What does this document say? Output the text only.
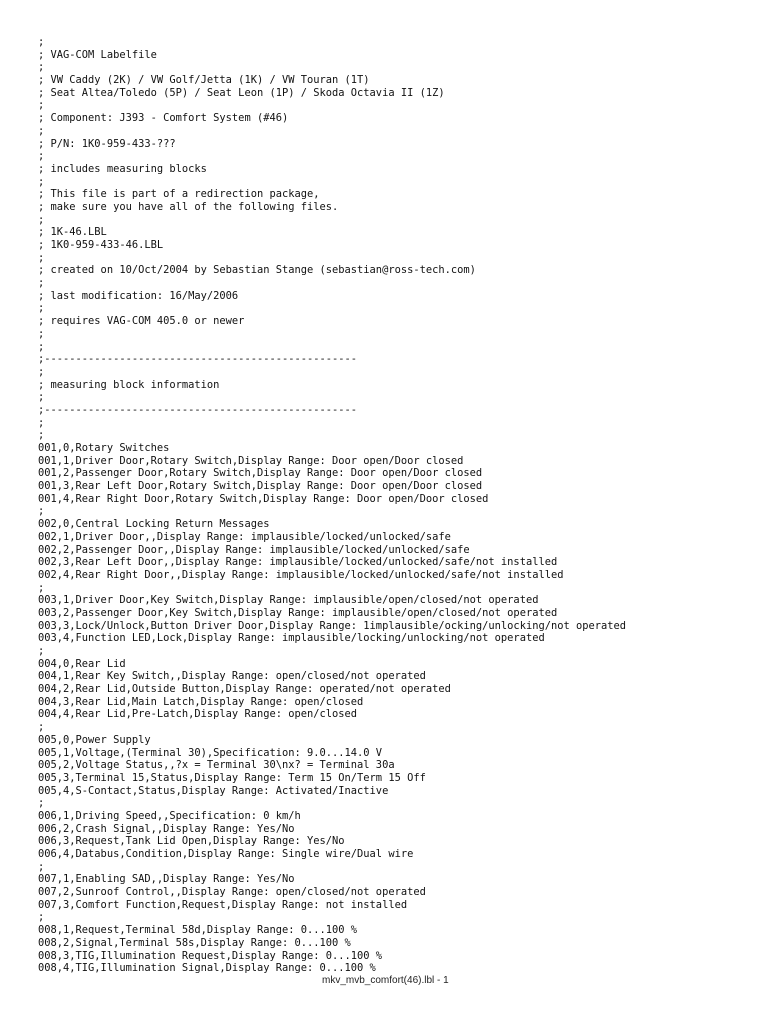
;
; VAG-COM Labelfile
;
; VW Caddy (2K) / VW Golf/Jetta (1K) / VW Touran (1T)
; Seat Altea/Toledo (5P) / Seat Leon (1P) / Skoda Octavia II (1Z)
;
; Component: J393 - Comfort System (#46)
;
; P/N: 1K0-959-433-???
;
; includes measuring blocks
;
; This file is part of a redirection package,
; make sure you have all of the following files.
;
; 1K-46.LBL
; 1K0-959-433-46.LBL
;
; created on 10/Oct/2004 by Sebastian Stange (sebastian@ross-tech.com)
;
; last modification: 16/May/2006
;
; requires VAG-COM 405.0 or newer
;
;
;--------------------------------------------------
;
; measuring block information
;
;--------------------------------------------------
;
;
001,0,Rotary Switches
001,1,Driver Door,Rotary Switch,Display Range: Door open/Door closed
001,2,Passenger Door,Rotary Switch,Display Range: Door open/Door closed
001,3,Rear Left Door,Rotary Switch,Display Range: Door open/Door closed
001,4,Rear Right Door,Rotary Switch,Display Range: Door open/Door closed
;
002,0,Central Locking Return Messages
002,1,Driver Door,,Display Range: implausible/locked/unlocked/safe
002,2,Passenger Door,,Display Range: implausible/locked/unlocked/safe
002,3,Rear Left Door,,Display Range: implausible/locked/unlocked/safe/not installed
002,4,Rear Right Door,,Display Range: implausible/locked/unlocked/safe/not installed
;
003,1,Driver Door,Key Switch,Display Range: implausible/open/closed/not operated
003,2,Passenger Door,Key Switch,Display Range: implausible/open/closed/not operated
003,3,Lock/Unlock,Button Driver Door,Display Range: 1implausible/ocking/unlocking/not operated
003,4,Function LED,Lock,Display Range: implausible/locking/unlocking/not operated
;
004,0,Rear Lid
004,1,Rear Key Switch,,Display Range: open/closed/not operated
004,2,Rear Lid,Outside Button,Display Range: operated/not operated
004,3,Rear Lid,Main Latch,Display Range: open/closed
004,4,Rear Lid,Pre-Latch,Display Range: open/closed
;
005,0,Power Supply
005,1,Voltage,(Terminal 30),Specification: 9.0...14.0 V
005,2,Voltage Status,,?x = Terminal 30\nx? = Terminal 30a
005,3,Terminal 15,Status,Display Range: Term 15 On/Term 15 Off
005,4,S-Contact,Status,Display Range: Activated/Inactive
;
006,1,Driving Speed,,Specification: 0 km/h
006,2,Crash Signal,,Display Range: Yes/No
006,3,Request,Tank Lid Open,Display Range: Yes/No
006,4,Databus,Condition,Display Range: Single wire/Dual wire
;
007,1,Enabling SAD,,Display Range: Yes/No
007,2,Sunroof Control,,Display Range: open/closed/not operated
007,3,Comfort Function,Request,Display Range: not installed
;
008,1,Request,Terminal 58d,Display Range: 0...100 %
008,2,Signal,Terminal 58s,Display Range: 0...100 %
008,3,TIG,Illumination Request,Display Range: 0...100 %
008,4,TIG,Illumination Signal,Display Range: 0...100 %
mkv_mvb_comfort(46).lbl - 1
